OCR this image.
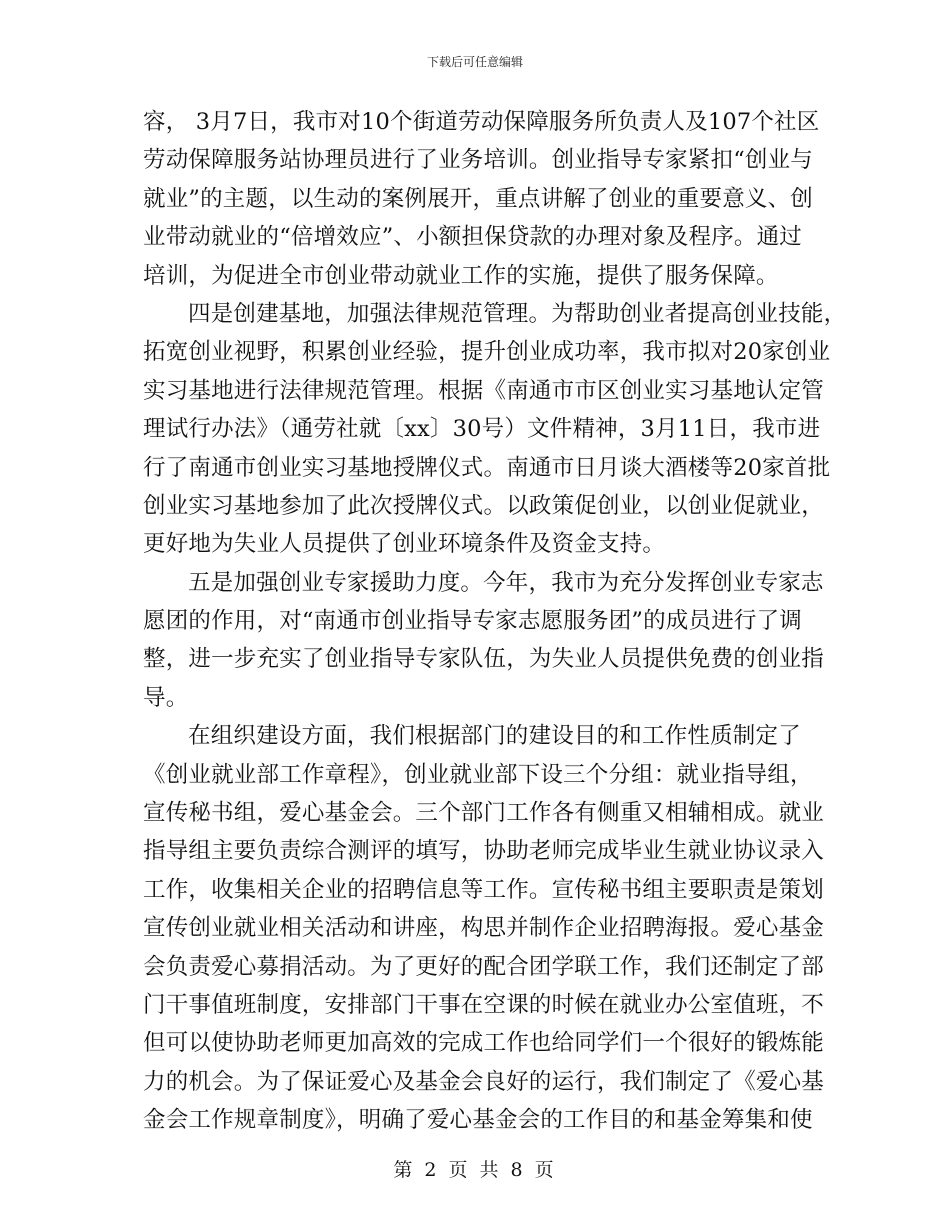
下载后可任意编辑
容， 3月7日，我市对10个街道劳动保障服务所负责人及107个社区
劳动保障服务站协理员进行了业务培训。创业指导专家紧扣“创业与
就业”的主题，以生动的案例展开，重点讲解了创业的重要意义、创
业带动就业的“倍增效应”、小额担保贷款的办理对象及程序。通过
培训，为促进全市创业带动就业工作的实施，提供了服务保障。
四是创建基地，加强法律规范管理。为帮助创业者提高创业技能，
拓宽创业视野，积累创业经验，提升创业成功率，我市拟对20家创业
实习基地进行法律规范管理。根据《南通市市区创业实习基地认定管
理试行办法》（通劳社就〔xx〕30号）文件精神，3月11日，我市进
行了南通市创业实习基地授牌仪式。南通市日月谈大酒楼等20家首批
创业实习基地参加了此次授牌仪式。以政策促创业，以创业促就业，
更好地为失业人员提供了创业环境条件及资金支持。
五是加强创业专家援助力度。今年，我市为充分发挥创业专家志
愿团的作用，对“南通市创业指导专家志愿服务团”的成员进行了调
整，进一步充实了创业指导专家队伍，为失业人员提供免费的创业指
导。
在组织建设方面，我们根据部门的建设目的和工作性质制定了
《创业就业部工作章程》，创业就业部下设三个分组：就业指导组，
宣传秘书组，爱心基金会。三个部门工作各有侧重又相辅相成。就业
指导组主要负责综合测评的填写，协助老师完成毕业生就业协议录入
工作，收集相关企业的招聘信息等工作。宣传秘书组主要职责是策划
宣传创业就业相关活动和讲座，构思并制作企业招聘海报。爱心基金
会负责爱心募捐活动。为了更好的配合团学联工作，我们还制定了部
门干事值班制度，安排部门干事在空课的时候在就业办公室值班，不
但可以使协助老师更加高效的完成工作也给同学们一个很好的锻炼能
力的机会。为了保证爱心及基金会良好的运行，我们制定了《爱心基
金会工作规章制度》，明确了爱心基金会的工作目的和基金筹集和使
第 2 页 共 8 页
